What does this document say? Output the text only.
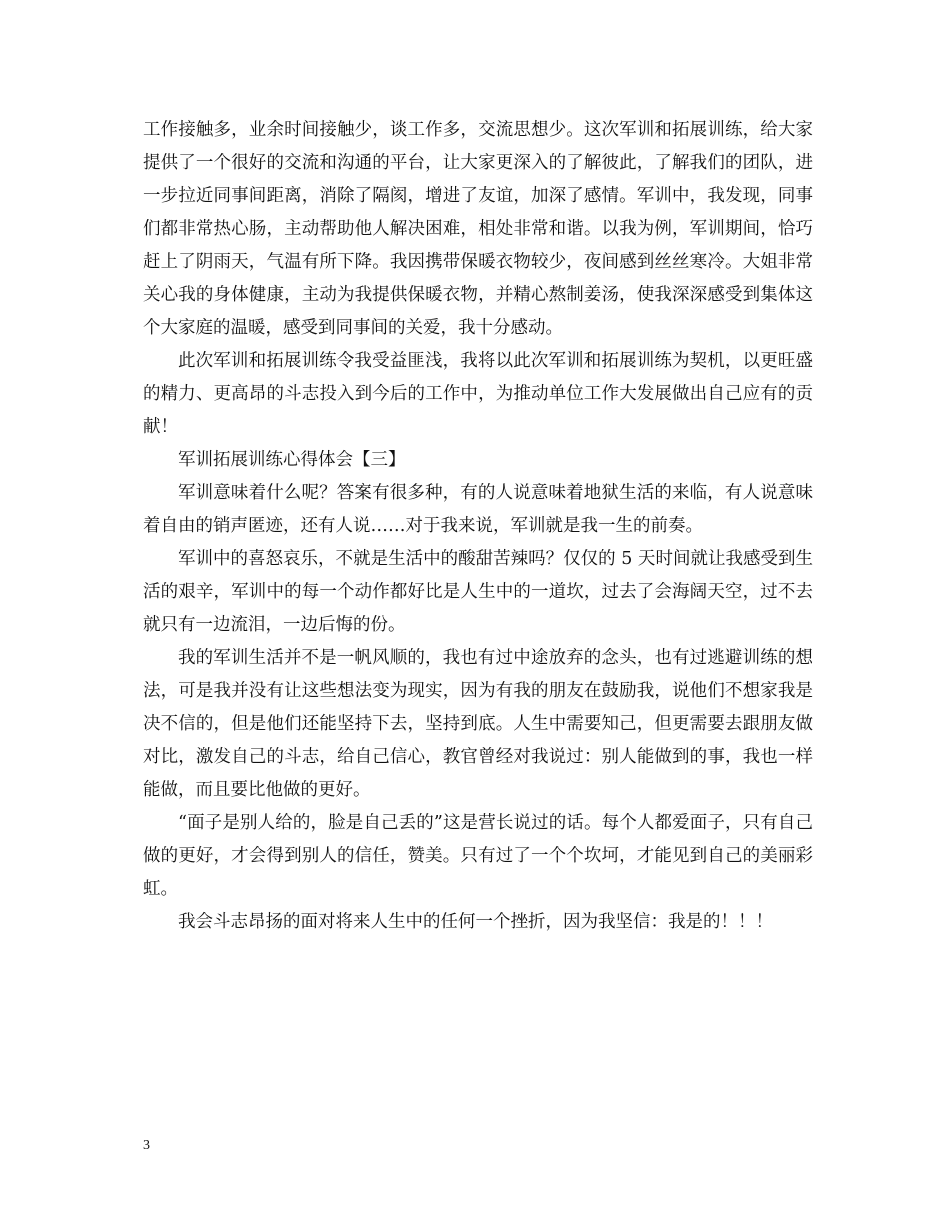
工作接触多，业余时间接触少，谈工作多，交流思想少。这次军训和拓展训练，给大家提供了一个很好的交流和沟通的平台，让大家更深入的了解彼此，了解我们的团队，进一步拉近同事间距离，消除了隔阂，增进了友谊，加深了感情。军训中，我发现，同事们都非常热心肠，主动帮助他人解决困难，相处非常和谐。以我为例，军训期间，恰巧赶上了阴雨天，气温有所下降。我因携带保暖衣物较少，夜间感到丝丝寒冷。大姐非常关心我的身体健康，主动为我提供保暖衣物，并精心熬制姜汤，使我深深感受到集体这个大家庭的温暖，感受到同事间的关爱，我十分感动。

此次军训和拓展训练令我受益匪浅，我将以此次军训和拓展训练为契机，以更旺盛的精力、更高昂的斗志投入到今后的工作中，为推动单位工作大发展做出自己应有的贡献！

军训拓展训练心得体会【三】

军训意味着什么呢？答案有很多种，有的人说意味着地狱生活的来临，有人说意味着自由的销声匿迹，还有人说……对于我来说，军训就是我一生的前奏。

军训中的喜怒哀乐，不就是生活中的酸甜苦辣吗？仅仅的 5 天时间就让我感受到生活的艰辛，军训中的每一个动作都好比是人生中的一道坎，过去了会海阔天空，过不去就只有一边流泪，一边后悔的份。

我的军训生活并不是一帆风顺的，我也有过中途放弃的念头，也有过逃避训练的想法，可是我并没有让这些想法变为现实，因为有我的朋友在鼓励我，说他们不想家我是决不信的，但是他们还能坚持下去，坚持到底。人生中需要知己，但更需要去跟朋友做对比，激发自己的斗志，给自己信心，教官曾经对我说过：别人能做到的事，我也一样能做，而且要比他做的更好。

“面子是别人给的，脸是自己丢的”这是营长说过的话。每个人都爱面子，只有自己做的更好，才会得到别人的信任，赞美。只有过了一个个坎坷，才能见到自己的美丽彩虹。

我会斗志昂扬的面对将来人生中的任何一个挫折，因为我坚信：我是的！！！

3
